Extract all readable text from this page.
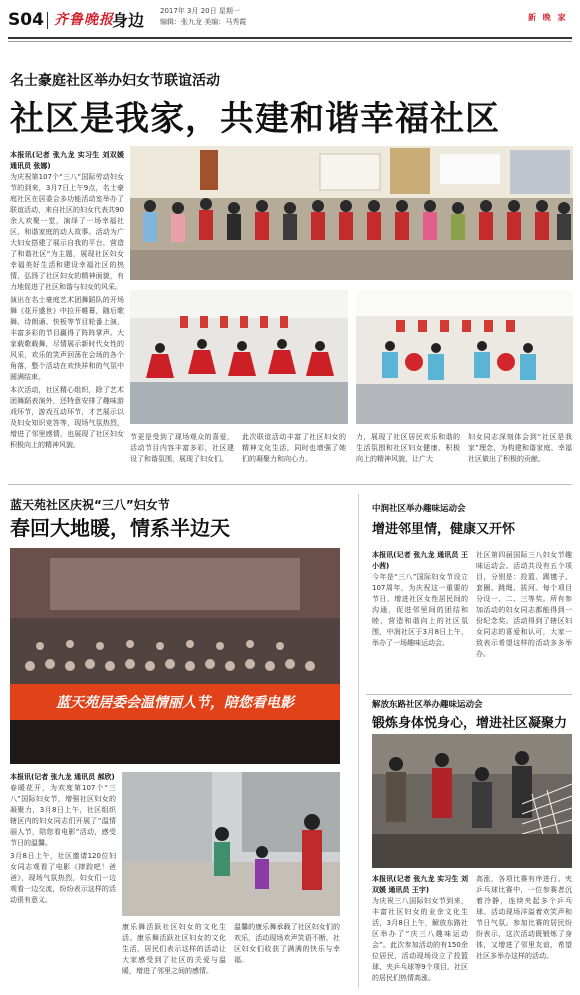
S04 齐鲁晚报
身边 2017年 3月 20日 星期一
编辑：张九龙 美编：马秀霞	新 晚 家
名士豪庭社区举办妇女节联谊活动
社区是我家，共建和谐幸福社区
本报讯(记者 张九龙 实习生 刘双媛 通讯员 张娜)
为庆祝第107个“三八”国际劳动妇女节的到来，3月7日上午9点，名士豪庭社区在居委会多功能活动室举办了联谊活动，来自社区的妇女代表共90余人欢聚一堂，演绎了一场幸福社区、和谐家庭的动人故事。活动为广大妇女搭建了展示自我的平台，营造了和谐社区“为主题，展现社区妇女幸福美好生活和建设幸福社区的热情，弘扬了社区妇女的精神面貌，有力地促进了社区和谐与妇女的风采。
演出在名士豪庭艺术团舞蹈队的开场舞《花开盛世》中拉开帷幕，随后歌舞、诗朗诵、快板等节目轮番上演，丰富多彩的节目赢得了阵阵掌声。大家载歌载舞，尽情展示新时代女性的风采，欢乐的笑声回荡在会场的各个角落，整个活动在欢快祥和的气氛中圆满结束。
本次活动，社区精心组织，除了艺术团舞蹈表演外，还特意安排了趣味游戏环节，游戏互动环节，才艺展示以及妇女知识竞答等，现场气氛热烈，增进了邻里感情，也展现了社区妇女积极向上的精神风貌。
节更是受到了现场观众的喜爱，活动节目内容丰富多彩，社区建设了和谐氛围，展现了妇女们。
此次联谊活动丰富了社区妇女的精神文化生活，同时也增强了她们的凝聚力和向心力。
力，展现了社区居民欢乐和谐的生活氛围和社区妇女健康、积极向上的精神风貌，让广大
妇女同志深刻体会到“社区是我家”理念，为构建和谐家庭、幸福社区做出了积极的贡献。
蓝天苑社区庆祝“三八”妇女节
春回大地暖，情系半边天
蓝天苑居委会温情丽人节，陪您看电影
本报讯(记者 张九龙 通讯员 郝欣)
春暖花开，为欢度第107个“三八”国际妇女节，增强社区妇女的凝聚力，3月8日上午，社区组织辖区内的妇女同志们开展了“温情丽人节，陪您看电影”活动，感受节日的温馨。
3月8日上午，社区邀请120位妇女同志观看了电影《摔跤吧！爸爸》，现场气氛热烈，妇女们一边观看一边交流，纷纷表示这样的活动很有意义。
康乐舞活跃社区妇女的文化生活。康乐舞活跃社区妇女的文化生活，居民们表示这样的活动让大家感受到了社区的关爱与温暖，增进了邻里之间的感情。
温馨的康乐舞承载了社区妇女们的欢乐，活动现场欢声笑语不断，社区妇女们收获了满满的快乐与幸福。
中润社区举办趣味运动会
增进邻里情，健康又开怀
本报讯(记者 张九龙 通讯员 王小茜)
今年是“三八”国际妇女节设立107周年，为庆祝这一重要的节日，增进社区女性居民间的沟通，促进邻里间的团结和睦，营造和谐向上的社区氛围，中润社区于3月8日上午，举办了一场趣味运动会。
社区第四届国际三八妇女节趣味运动会。活动共设有五个项目，分别是：投篮、踢毽子、套圈、跳绳、拔河。每个项目分设一、二、三等奖。所有参加活动的妇女同志都能得到一份纪念奖。活动得到了辖区妇女同志的喜爱和认可，大家一致表示希望这样的活动多多举办。
解放东路社区举办趣味运动会
锻炼身体悦身心，增进社区凝聚力
本报讯(记者 张九龙 实习生 刘双媛 通讯员 王宇)
为庆祝三八国际妇女节到来，丰富社区妇女的业余文化生活，3月8日上午，解放东路社区举办了“庆三八趣味运动会”。此次参加活动的有150余位居民，活动现场设立了投篮球、夹乒乓球等9个项目，社区的居民们热情高涨。
高涨，各项比赛有序进行。夹乒乓球比赛中，一位参赛者沉着冷静，连续夹起多个乒乓球。活动现场洋溢着欢笑声和节日气氛。参加比赛的居民纷纷表示，这次活动既锻炼了身体，又增进了邻里友谊，希望社区多举办这样的活动。
